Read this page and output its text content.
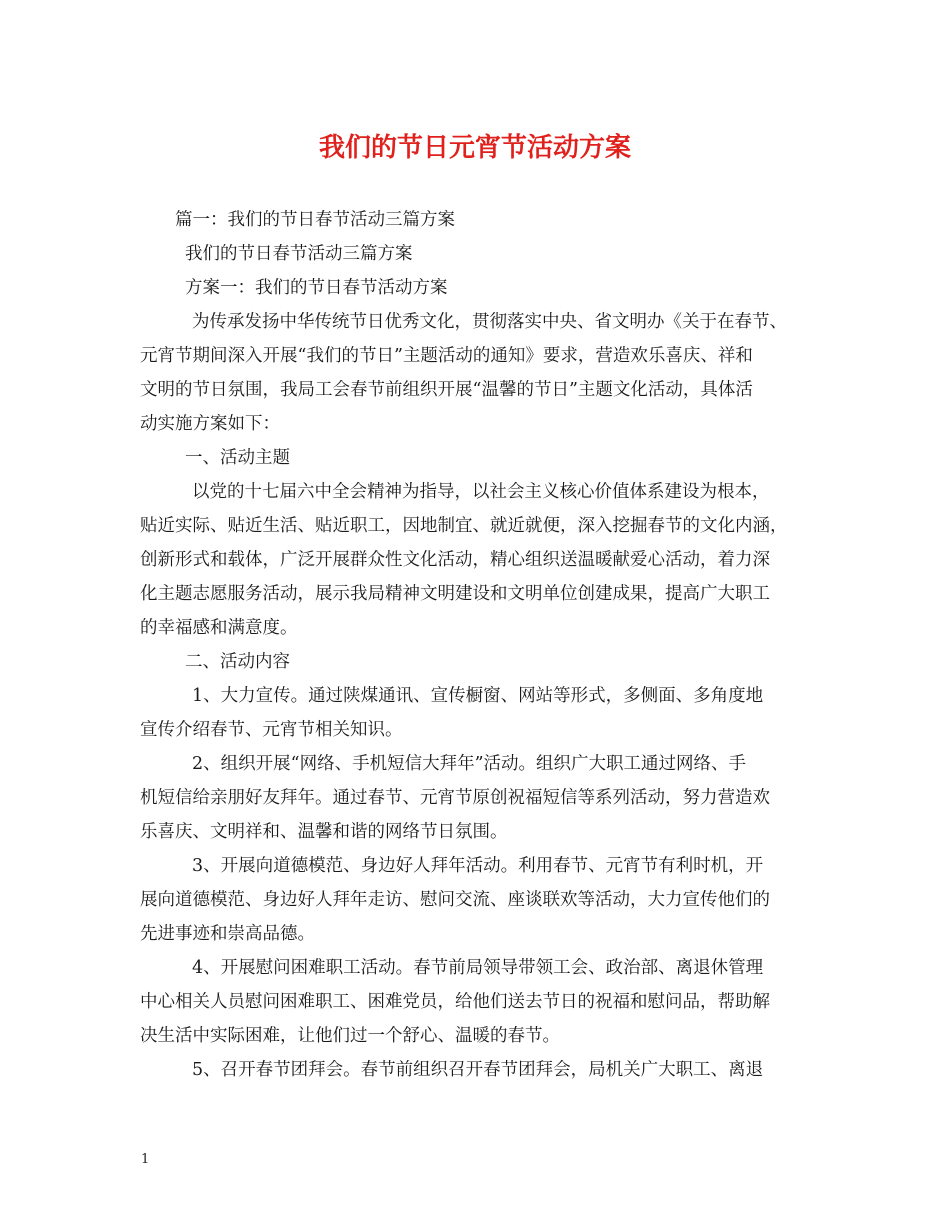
我们的节日元宵节活动方案
篇一：我们的节日春节活动三篇方案
我们的节日春节活动三篇方案
方案一：我们的节日春节活动方案
为传承发扬中华传统节日优秀文化，贯彻落实中央、省文明办《关于在春节、
元宵节期间深入开展“我们的节日”主题活动的通知》要求，营造欢乐喜庆、祥和
文明的节日氛围，我局工会春节前组织开展“温馨的节日”主题文化活动，具体活
动实施方案如下：
一、活动主题
以党的十七届六中全会精神为指导，以社会主义核心价值体系建设为根本，
贴近实际、贴近生活、贴近职工，因地制宜、就近就便，深入挖掘春节的文化内涵，
创新形式和载体，广泛开展群众性文化活动，精心组织送温暖献爱心活动，着力深
化主题志愿服务活动，展示我局精神文明建设和文明单位创建成果，提高广大职工
的幸福感和满意度。
二、活动内容
1、大力宣传。通过陕煤通讯、宣传橱窗、网站等形式，多侧面、多角度地
宣传介绍春节、元宵节相关知识。
2、组织开展“网络、手机短信大拜年”活动。组织广大职工通过网络、手
机短信给亲朋好友拜年。通过春节、元宵节原创祝福短信等系列活动，努力营造欢
乐喜庆、文明祥和、温馨和谐的网络节日氛围。
3、开展向道德模范、身边好人拜年活动。利用春节、元宵节有利时机，开
展向道德模范、身边好人拜年走访、慰问交流、座谈联欢等活动，大力宣传他们的
先进事迹和崇高品德。
4、开展慰问困难职工活动。春节前局领导带领工会、政治部、离退休管理
中心相关人员慰问困难职工、困难党员，给他们送去节日的祝福和慰问品，帮助解
决生活中实际困难，让他们过一个舒心、温暖的春节。
5、召开春节团拜会。春节前组织召开春节团拜会，局机关广大职工、离退
1
